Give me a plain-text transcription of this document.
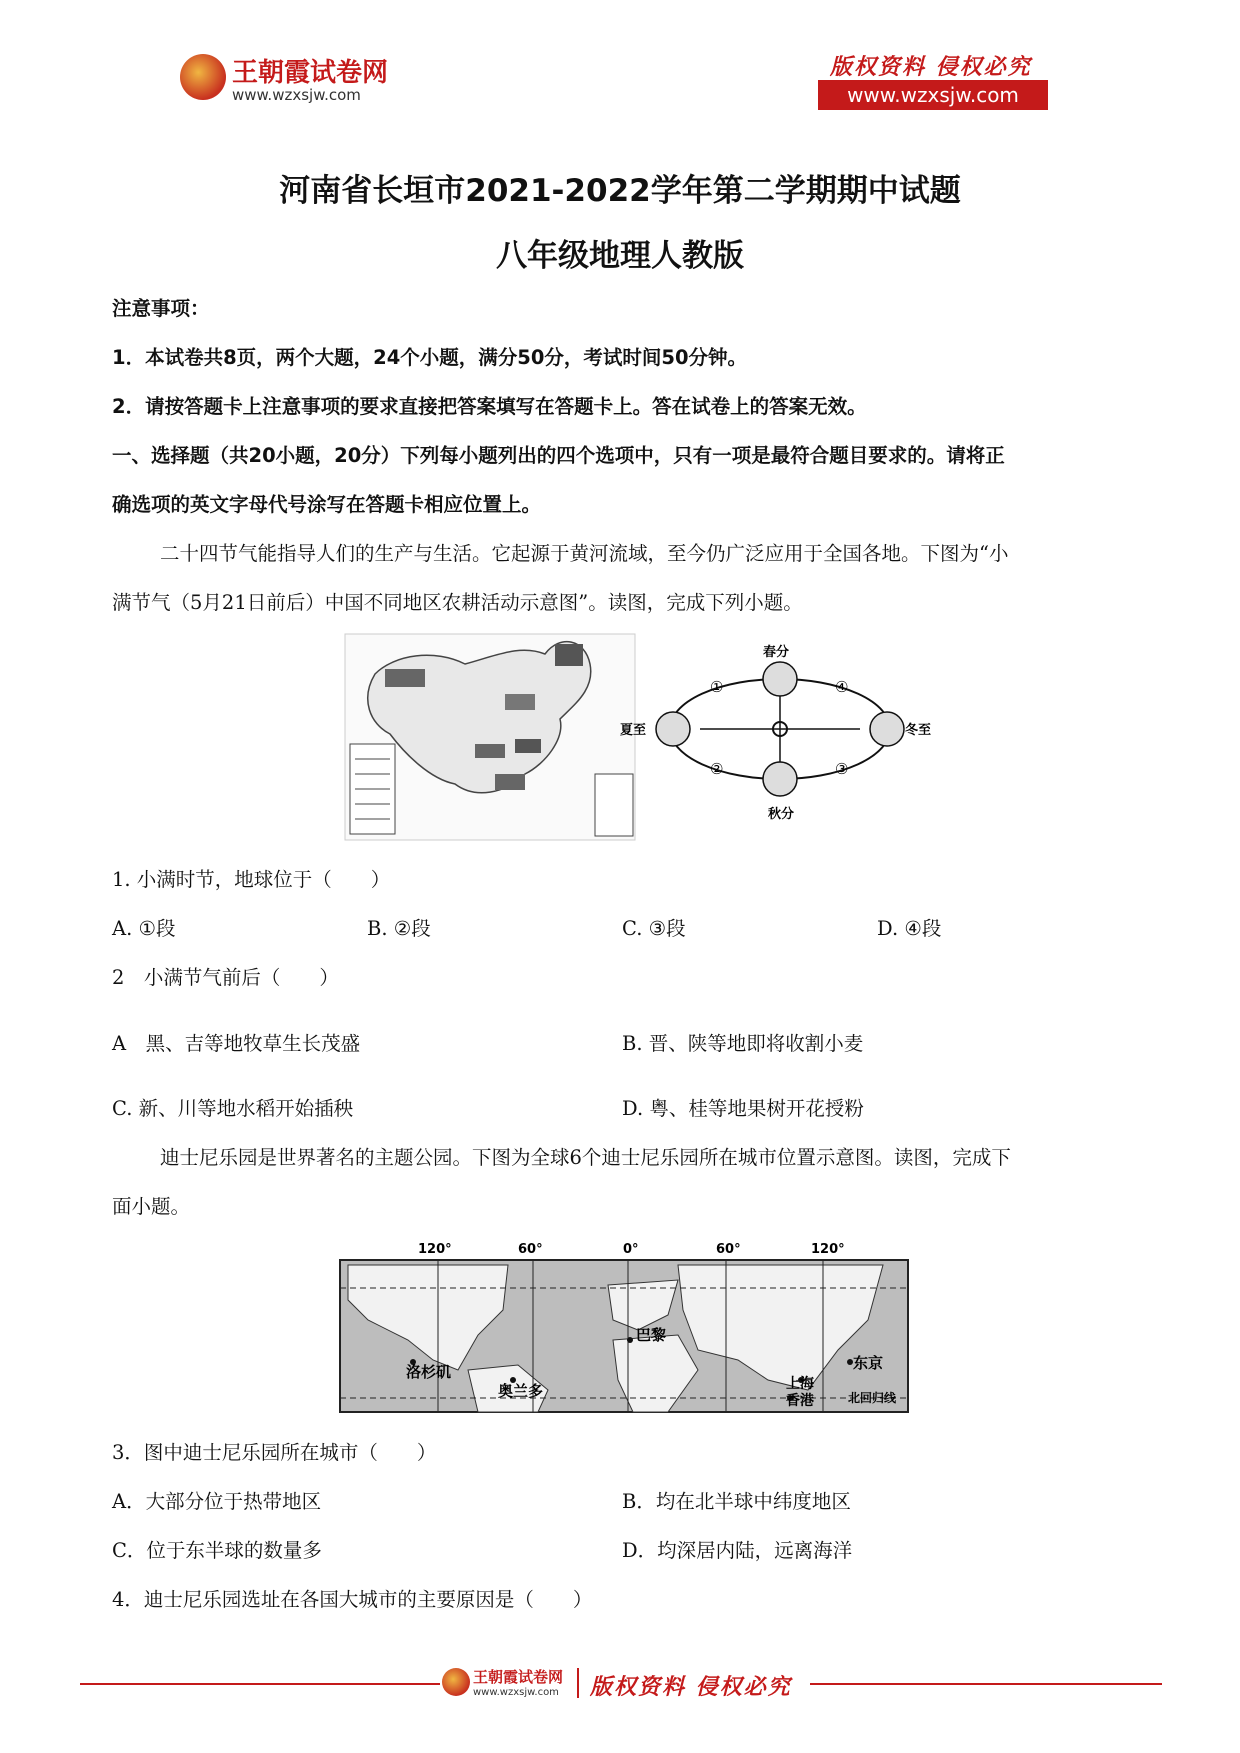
王朝霞试卷网
www.wzxsjw.com
版权资料 侵权必究
www.wzxsjw.com
河南省长垣市2021-2022学年第二学期期中试题
八年级地理人教版
注意事项：
1．本试卷共8页，两个大题，24个小题，满分50分，考试时间50分钟。
2．请按答题卡上注意事项的要求直接把答案填写在答题卡上。答在试卷上的答案无效。
一、选择题（共20小题，20分）下列每小题列出的四个选项中，只有一项是最符合题目要求的。请将正
确选项的英文字母代号涂写在答题卡相应位置上。
二十四节气能指导人们的生产与生活。它起源于黄河流域，至今仍广泛应用于全国各地。下图为“小
满节气（5月21日前后）中国不同地区农耕活动示意图”。读图，完成下列小题。
春分
秋分
夏至	冬至
①
②	③
④
1. 小满时节，地球位于（　　）
A. ①段	B. ②段	C. ③段	D. ④段
2　小满节气前后（　　）
A　黑、吉等地牧草生长茂盛	B. 晋、陕等地即将收割小麦
C. 新、川等地水稻开始插秧	D. 粤、桂等地果树开花授粉
迪士尼乐园是世界著名的主题公园。下图为全球6个迪士尼乐园所在城市位置示意图。读图，完成下
面小题。
120°	60°	0°	60°	120°
洛杉矶
奥兰多
巴黎
上海
香港
东京
北回归线
3．图中迪士尼乐园所在城市（　　）
A．大部分位于热带地区	B．均在北半球中纬度地区
C．位于东半球的数量多	D．均深居内陆，远离海洋
4．迪士尼乐园选址在各国大城市的主要原因是（　　）
王朝霞试卷网
www.wzxsjw.com 版权资料 侵权必究
